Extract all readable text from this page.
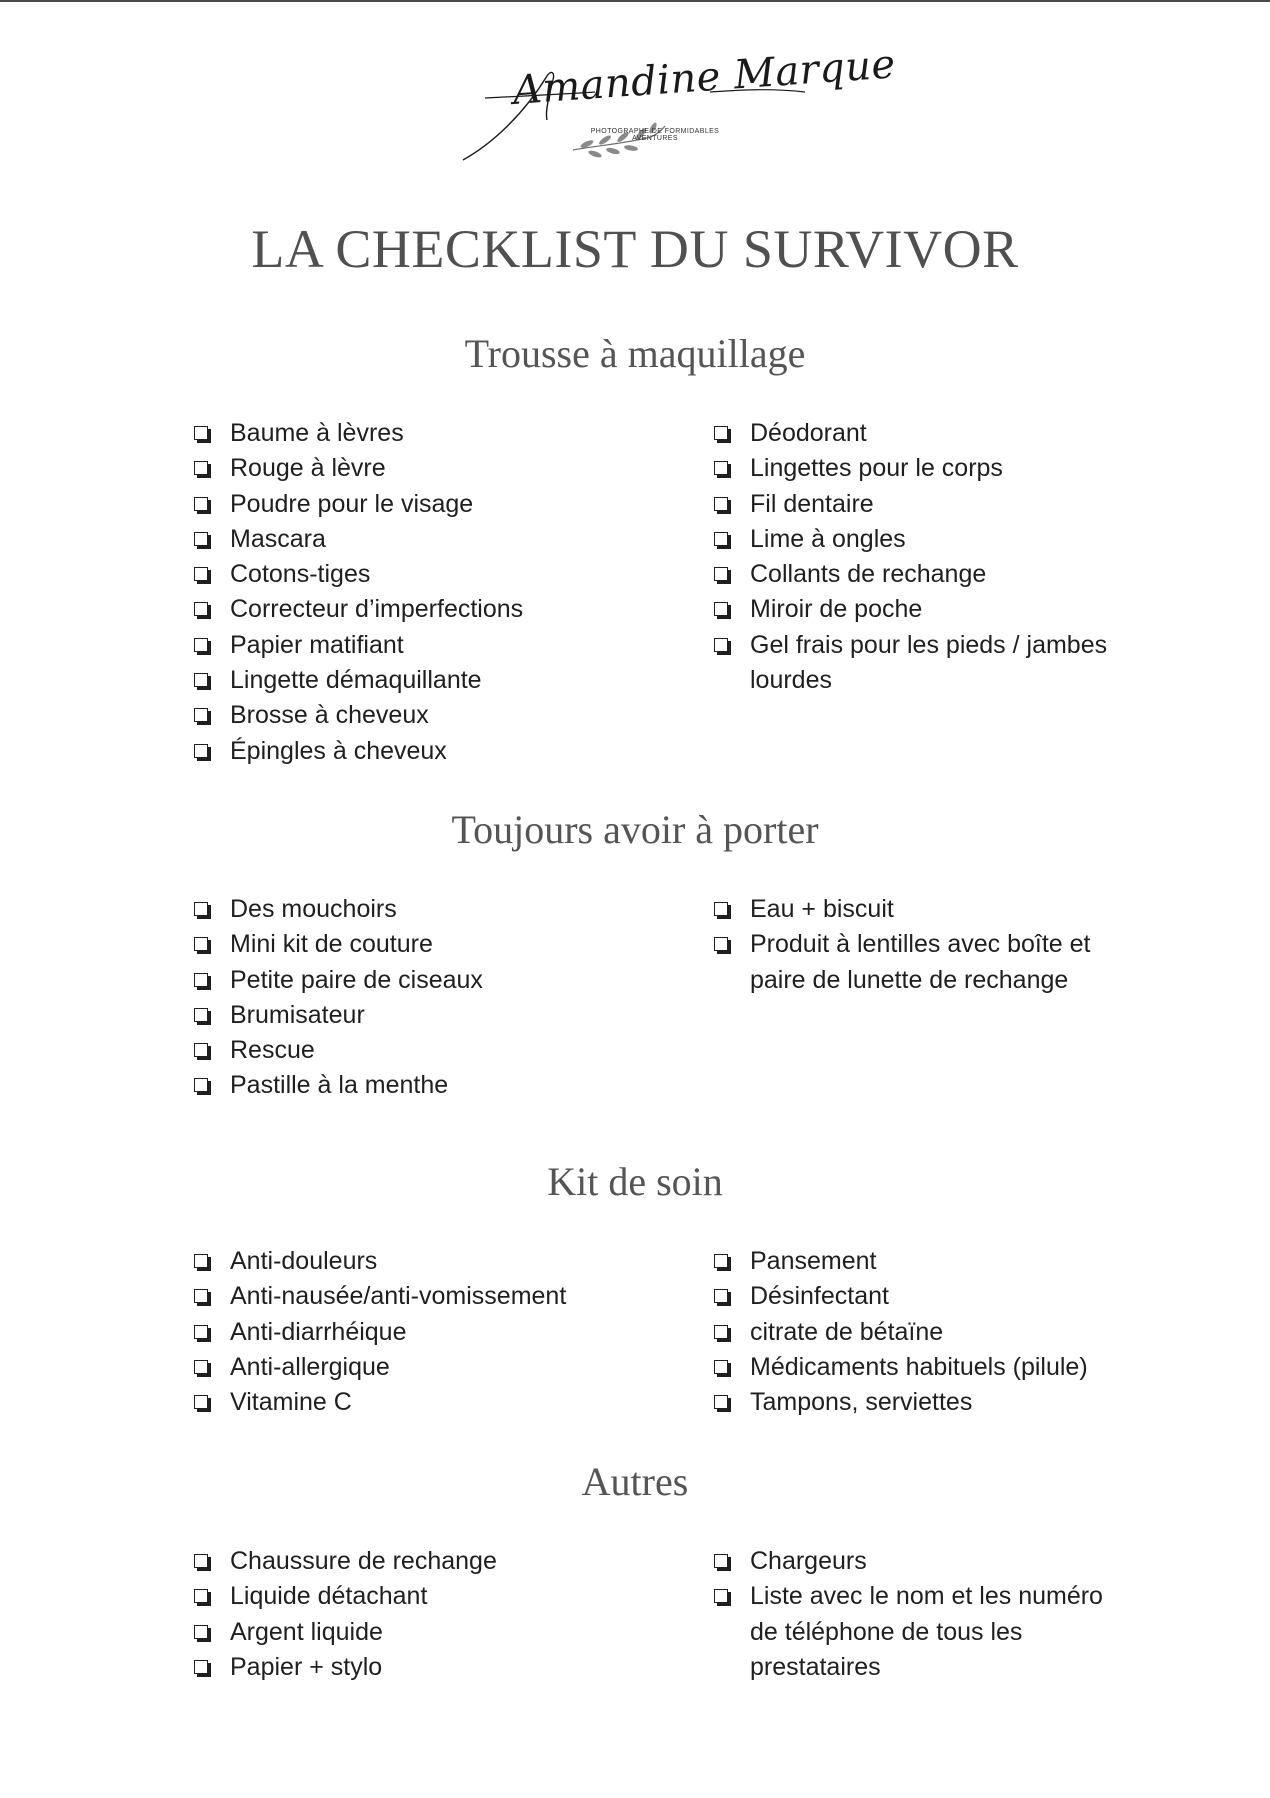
Amandine Marque
PHOTOGRAPHE DE FORMIDABLES AVENTURES
LA CHECKLIST DU SURVIVOR
Trousse à maquillage
Baume à lèvres
Rouge à lèvre
Poudre pour le visage
Mascara
Cotons-tiges
Correcteur d’imperfections
Papier matifiant
Lingette démaquillante
Brosse à cheveux
Épingles à cheveux
Déodorant
Lingettes pour le corps
Fil dentaire
Lime à ongles
Collants de rechange
Miroir de poche
Gel frais pour les pieds / jambes lourdes
Toujours avoir à porter
Des mouchoirs
Mini kit de couture
Petite paire de ciseaux
Brumisateur
Rescue
Pastille à la menthe
Eau + biscuit
Produit à lentilles avec boîte et paire de lunette de rechange
Kit de soin
Anti-douleurs
Anti-nausée/anti-vomissement
Anti-diarrhéique
Anti-allergique
Vitamine C
Pansement
Désinfectant
citrate de bétaïne
Médicaments habituels (pilule)
Tampons, serviettes
Autres
Chaussure de rechange
Liquide détachant
Argent liquide
Papier + stylo
Chargeurs
Liste avec le nom et les numéro de téléphone de tous les prestataires
